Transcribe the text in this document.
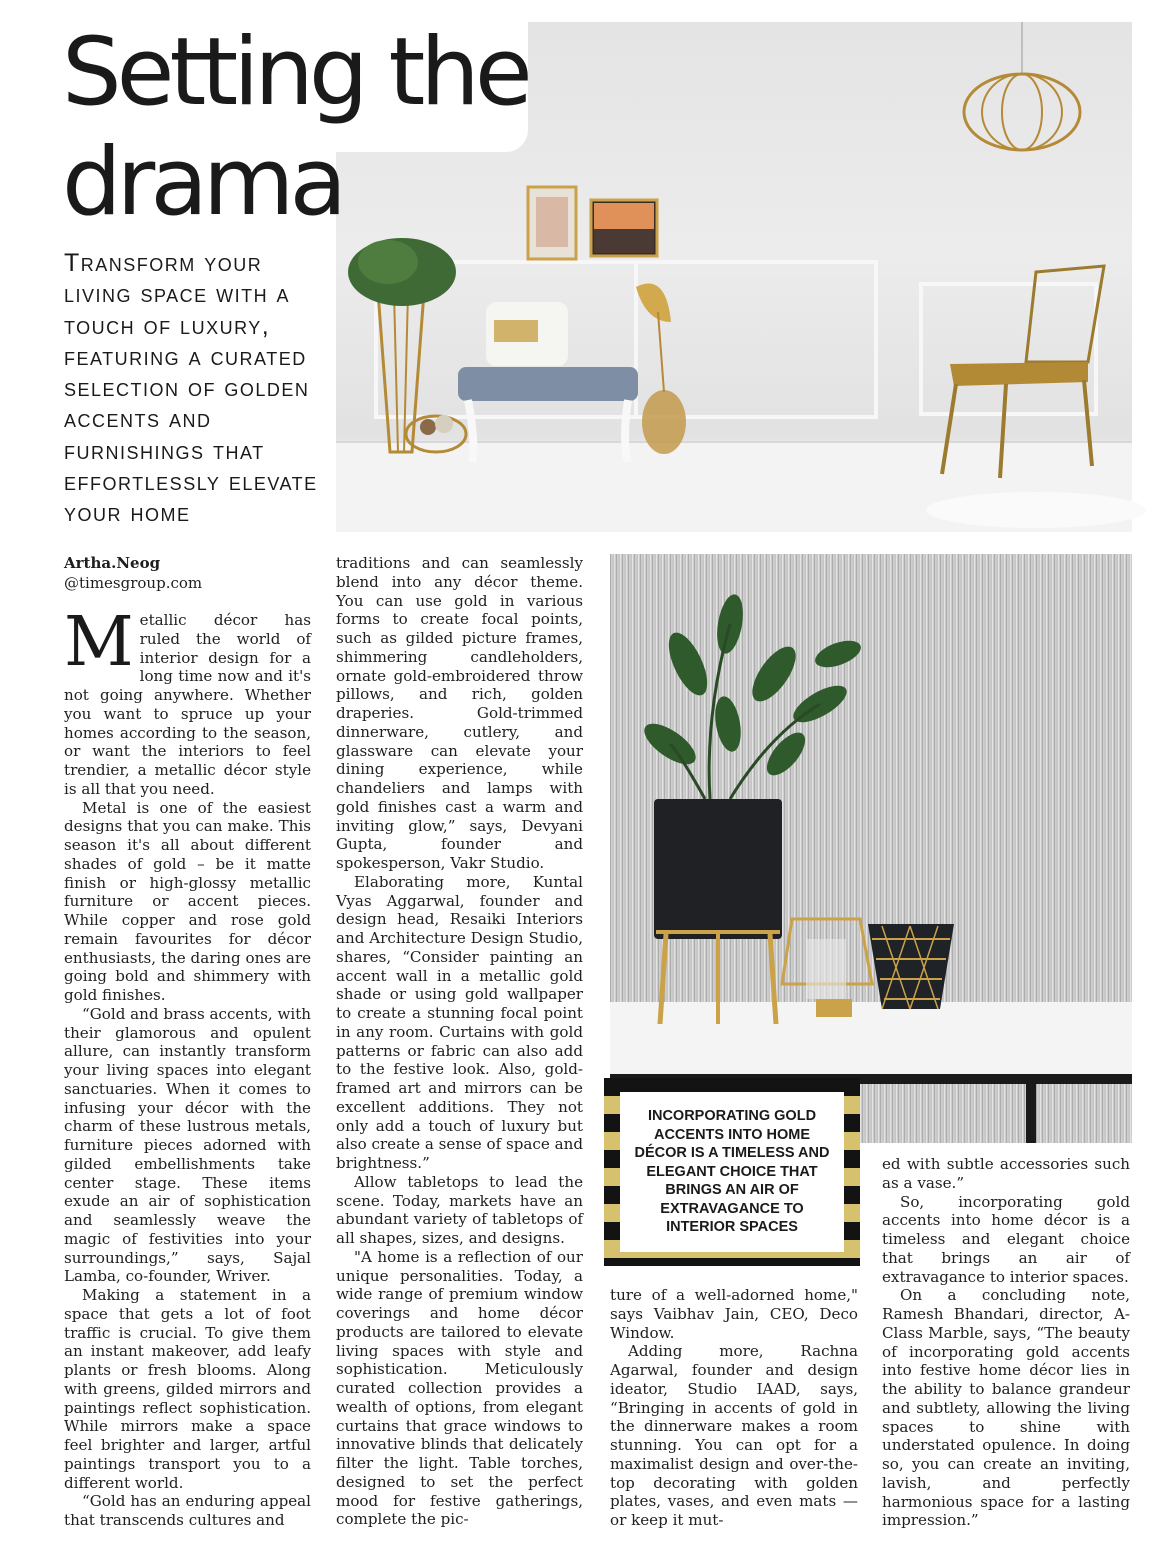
Setting the drama

Transform your living space with a touch of luxury, featuring a curated selection of golden accents and furnishings that effortlessly elevate your home

Artha.Neog
@timesgroup.com

Metallic décor has ruled the world of interior design for a long time now and it's not going anywhere. Whether you want to spruce up your homes according to the season, or want the interiors to feel trendier, a metallic décor style is all that you need.

Metal is one of the easiest designs that you can make. This season it's all about different shades of gold – be it matte finish or high-glossy metallic furniture or accent pieces. While copper and rose gold remain favourites for décor enthusiasts, the daring ones are going bold and shimmery with gold finishes.

“Gold and brass accents, with their glamorous and opulent allure, can instantly transform your living spaces into elegant sanctuaries. When it comes to infusing your décor with the charm of these lustrous metals, furniture pieces adorned with gilded embellishments take center stage. These items exude an air of sophistication and seamlessly weave the magic of festivities into your surroundings,” says, Sajal Lamba, co-founder, Wriver.

Making a statement in a space that gets a lot of foot traffic is crucial. To give them an instant makeover, add leafy plants or fresh blooms. Along with greens, gilded mirrors and paintings reflect sophistication. While mirrors make a space feel brighter and larger, artful paintings transport you to a different world.

“Gold has an enduring appeal that transcends cultures and

traditions and can seamlessly blend into any décor theme. You can use gold in various forms to create focal points, such as gilded picture frames, shimmering candleholders, ornate gold-embroidered throw pillows, and rich, golden draperies. Gold-trimmed dinnerware, cutlery, and glassware can elevate your dining experience, while chandeliers and lamps with gold finishes cast a warm and inviting glow,” says, Devyani Gupta, founder and spokesperson, Vakr Studio.

Elaborating more, Kuntal Vyas Aggarwal, founder and design head, Resaiki Interiors and Architecture Design Studio, shares, “Consider painting an accent wall in a metallic gold shade or using gold wallpaper to create a stunning focal point in any room. Curtains with gold patterns or fabric can also add to the festive look. Also, gold-framed art and mirrors can be excellent additions. They not only add a touch of luxury but also create a sense of space and brightness.”

Allow tabletops to lead the scene. Today, markets have an abundant variety of tabletops of all shapes, sizes, and designs.

"A home is a reflection of our unique personalities. Today, a wide range of premium window coverings and home décor products are tailored to elevate living spaces with style and sophistication. Meticulously curated collection provides a wealth of options, from elegant curtains that grace windows to innovative blinds that delicately filter the light. Table torches, designed to set the perfect mood for festive gatherings, complete the pic-

INCORPORATING GOLD ACCENTS INTO HOME DÉCOR IS A TIMELESS AND ELEGANT CHOICE THAT BRINGS AN AIR OF EXTRAVAGANCE TO INTERIOR SPACES

ture of a well-adorned home," says Vaibhav Jain, CEO, Deco Window.

Adding more, Rachna Agarwal, founder and design ideator, Studio IAAD, says, “Bringing in accents of gold in the dinnerware makes a room stunning. You can opt for a maximalist design and over-the-top decorating with golden plates, vases, and even mats — or keep it mut-

ed with subtle accessories such as a vase.”

So, incorporating gold accents into home décor is a timeless and elegant choice that brings an air of extravagance to interior spaces.

On a concluding note, Ramesh Bhandari, director, A-Class Marble, says, “The beauty of incorporating gold accents into festive home décor lies in the ability to balance grandeur and subtlety, allowing the living spaces to shine with understated opulence. In doing so, you can create an inviting, lavish, and perfectly harmonious space for a lasting impression.”
